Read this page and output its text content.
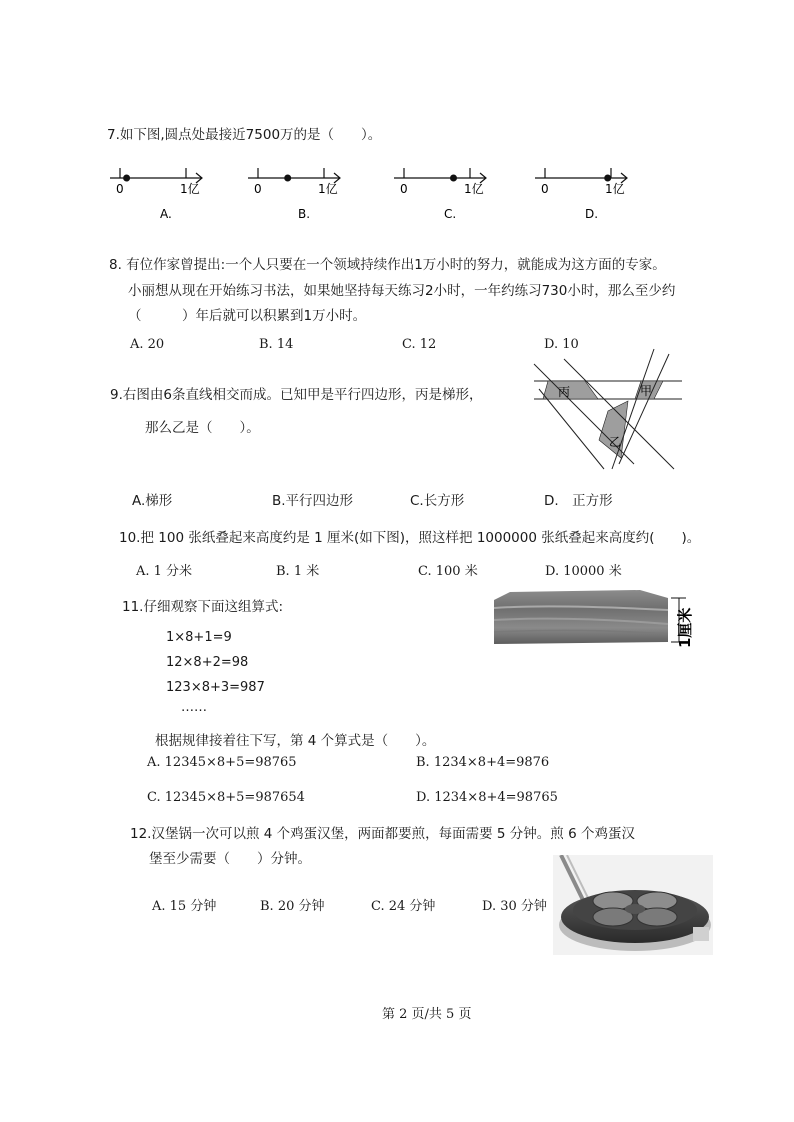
7.如下图,圆点处最接近7500万的是（　　）。
0	1亿
A.
0	1亿
B.
0	1亿
C.
0	1亿
D.
8. 有位作家曾提出:一个人只要在一个领域持续作出1万小时的努力，就能成为这方面的专家。
小丽想从现在开始练习书法，如果她坚持每天练习2小时，一年约练习730小时，那么至少约
（　　　）年后就可以积累到1万小时。
A. 20	B. 14	C. 12	D. 10
9.右图由6条直线相交而成。已知甲是平行四边形，丙是梯形，
那么乙是（　　）。
丙	甲
乙
A.梯形	B.平行四边形	C.长方形	D.　正方形
10.把 100 张纸叠起来高度约是 1 厘米(如下图)，照这样把 1000000 张纸叠起来高度约(　　)。
A. 1 分米	B. 1 米	C. 100 米	D. 10000 米
1厘米
11.仔细观察下面这组算式:
1×8+1=9
12×8+2=98
123×8+3=987
……
根据规律接着往下写，第 4 个算式是（　　）。
A. 12345×8+5=98765	B. 1234×8+4=9876
C. 12345×8+5=987654	D. 1234×8+4=98765
12.汉堡锅一次可以煎 4 个鸡蛋汉堡，两面都要煎，每面需要 5 分钟。煎 6 个鸡蛋汉
堡至少需要（　　）分钟。
A. 15 分钟	B. 20 分钟	C. 24 分钟	D. 30 分钟
第 2 页/共 5 页
